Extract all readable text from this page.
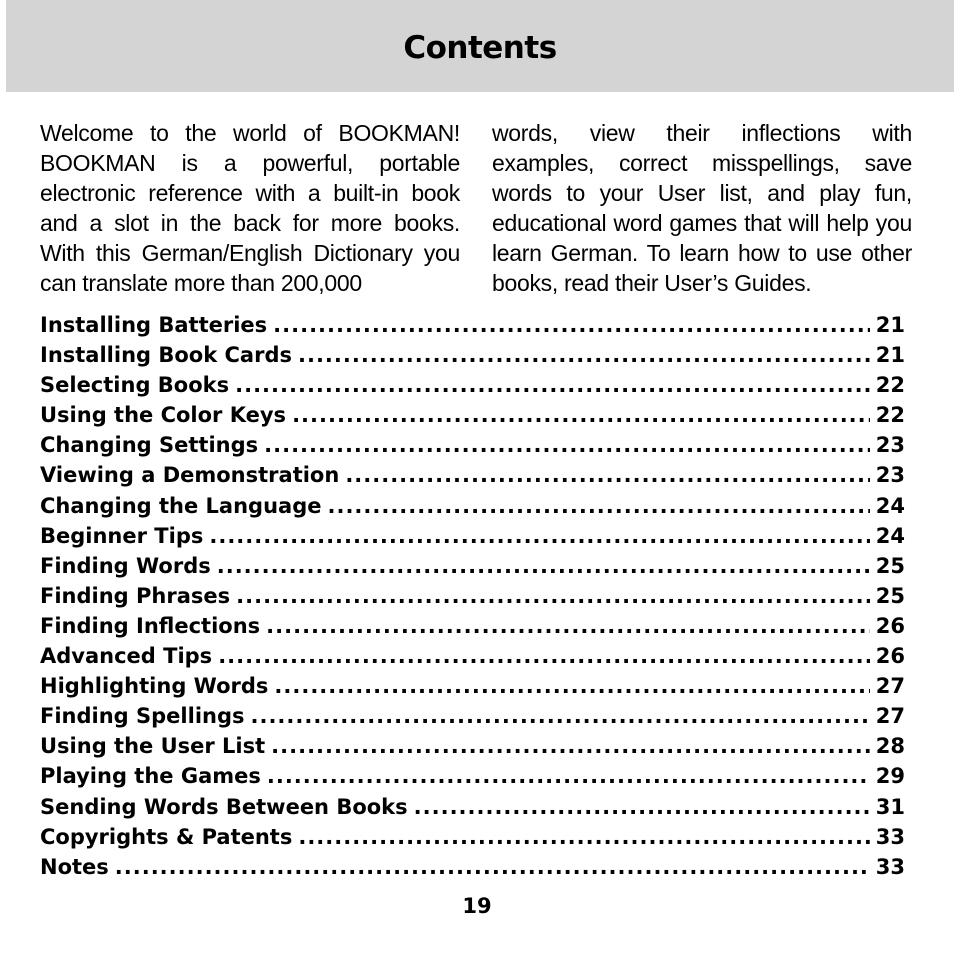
Contents

Welcome to the world of BOOKMAN! BOOKMAN is a powerful, portable electronic reference with a built-in book and a slot in the back for more books. With this German/English Dictionary you can translate more than 200,000

words, view their inflections with examples, correct misspellings, save words to your User list, and play fun, educational word games that will help you learn German. To learn how to use other books, read their User’s Guides.

Installing Batteries .....	21
Installing Book Cards .....	21
Selecting Books .....	22
Using the Color Keys .....	22
Changing Settings .....	23
Viewing a Demonstration .....	23
Changing the Language .....	24
Beginner Tips .....	24
Finding Words .....	25
Finding Phrases .....	25
Finding Inflections .....	26
Advanced Tips .....	26
Highlighting Words .....	27
Finding Spellings .....	27
Using the User List .....	28
Playing the Games .....	29
Sending Words Between Books .....	31
Copyrights & Patents .....	33
Notes .....	33
19
